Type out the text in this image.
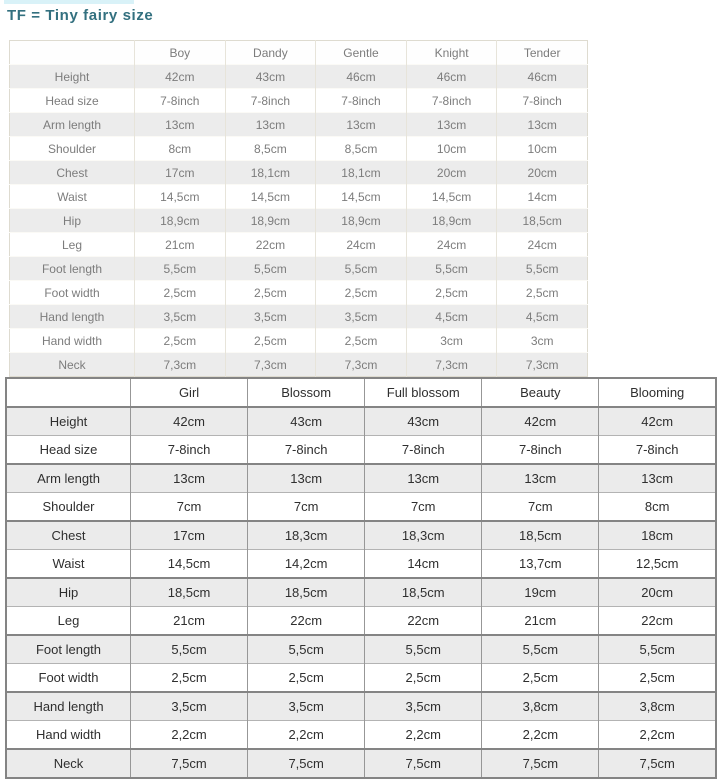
TF = Tiny fairy size
	Boy	Dandy	Gentle	Knight	Tender
Height	42cm	43cm	46cm	46cm	46cm
Head size	7-8inch	7-8inch	7-8inch	7-8inch	7-8inch
Arm length	13cm	13cm	13cm	13cm	13cm
Shoulder	8cm	8,5cm	8,5cm	10cm	10cm
Chest	17cm	18,1cm	18,1cm	20cm	20cm
Waist	14,5cm	14,5cm	14,5cm	14,5cm	14cm
Hip	18,9cm	18,9cm	18,9cm	18,9cm	18,5cm
Leg	21cm	22cm	24cm	24cm	24cm
Foot length	5,5cm	5,5cm	5,5cm	5,5cm	5,5cm
Foot width	2,5cm	2,5cm	2,5cm	2,5cm	2,5cm
Hand length	3,5cm	3,5cm	3,5cm	4,5cm	4,5cm
Hand width	2,5cm	2,5cm	2,5cm	3cm	3cm
Neck	7,3cm	7,3cm	7,3cm	7,3cm	7,3cm
	Girl	Blossom	Full blossom	Beauty	Blooming
Height	42cm	43cm	43cm	42cm	42cm
Head size	7-8inch	7-8inch	7-8inch	7-8inch	7-8inch
Arm length	13cm	13cm	13cm	13cm	13cm
Shoulder	7cm	7cm	7cm	7cm	8cm
Chest	17cm	18,3cm	18,3cm	18,5cm	18cm
Waist	14,5cm	14,2cm	14cm	13,7cm	12,5cm
Hip	18,5cm	18,5cm	18,5cm	19cm	20cm
Leg	21cm	22cm	22cm	21cm	22cm
Foot length	5,5cm	5,5cm	5,5cm	5,5cm	5,5cm
Foot width	2,5cm	2,5cm	2,5cm	2,5cm	2,5cm
Hand length	3,5cm	3,5cm	3,5cm	3,8cm	3,8cm
Hand width	2,2cm	2,2cm	2,2cm	2,2cm	2,2cm
Neck	7,5cm	7,5cm	7,5cm	7,5cm	7,5cm
